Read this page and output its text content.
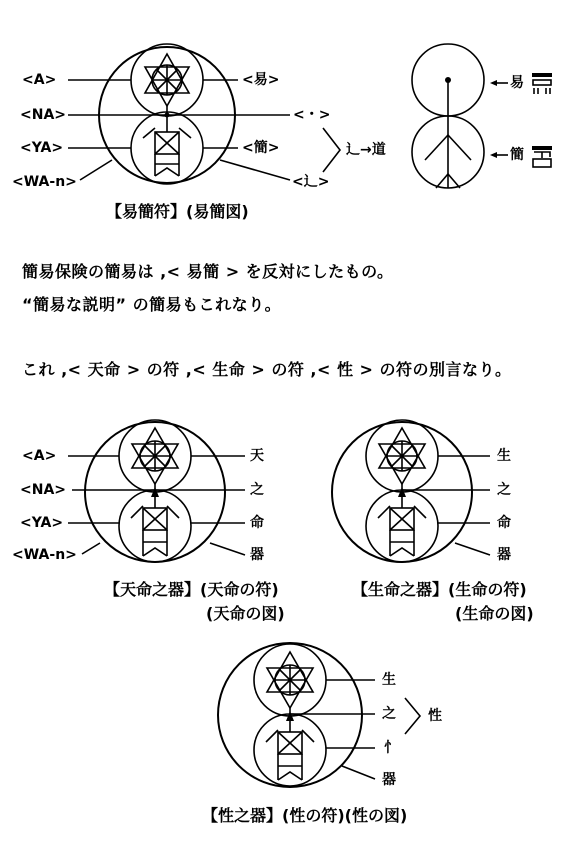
<A>
<NA>
<YA>
<WA-n>
<易>
<・>
<簡>
<辶>
辶→道
易
簡
【易簡符】(易簡図)
簡易保険の簡易は ,< 易簡 > を反対にしたもの。
“簡易な説明” の簡易もこれなり。
これ ,< 天命 > の符 ,< 生命 > の符 ,< 性 > の符の別言なり。
<A>
<NA>
<YA>
<WA-n>
天
之
命
器
【天命之器】(天命の符)
(天命の図)
生
之
命
器
【生命之器】(生命の符)
(生命の図)
生
之
忄
器
性
【性之器】(性の符)(性の図)
